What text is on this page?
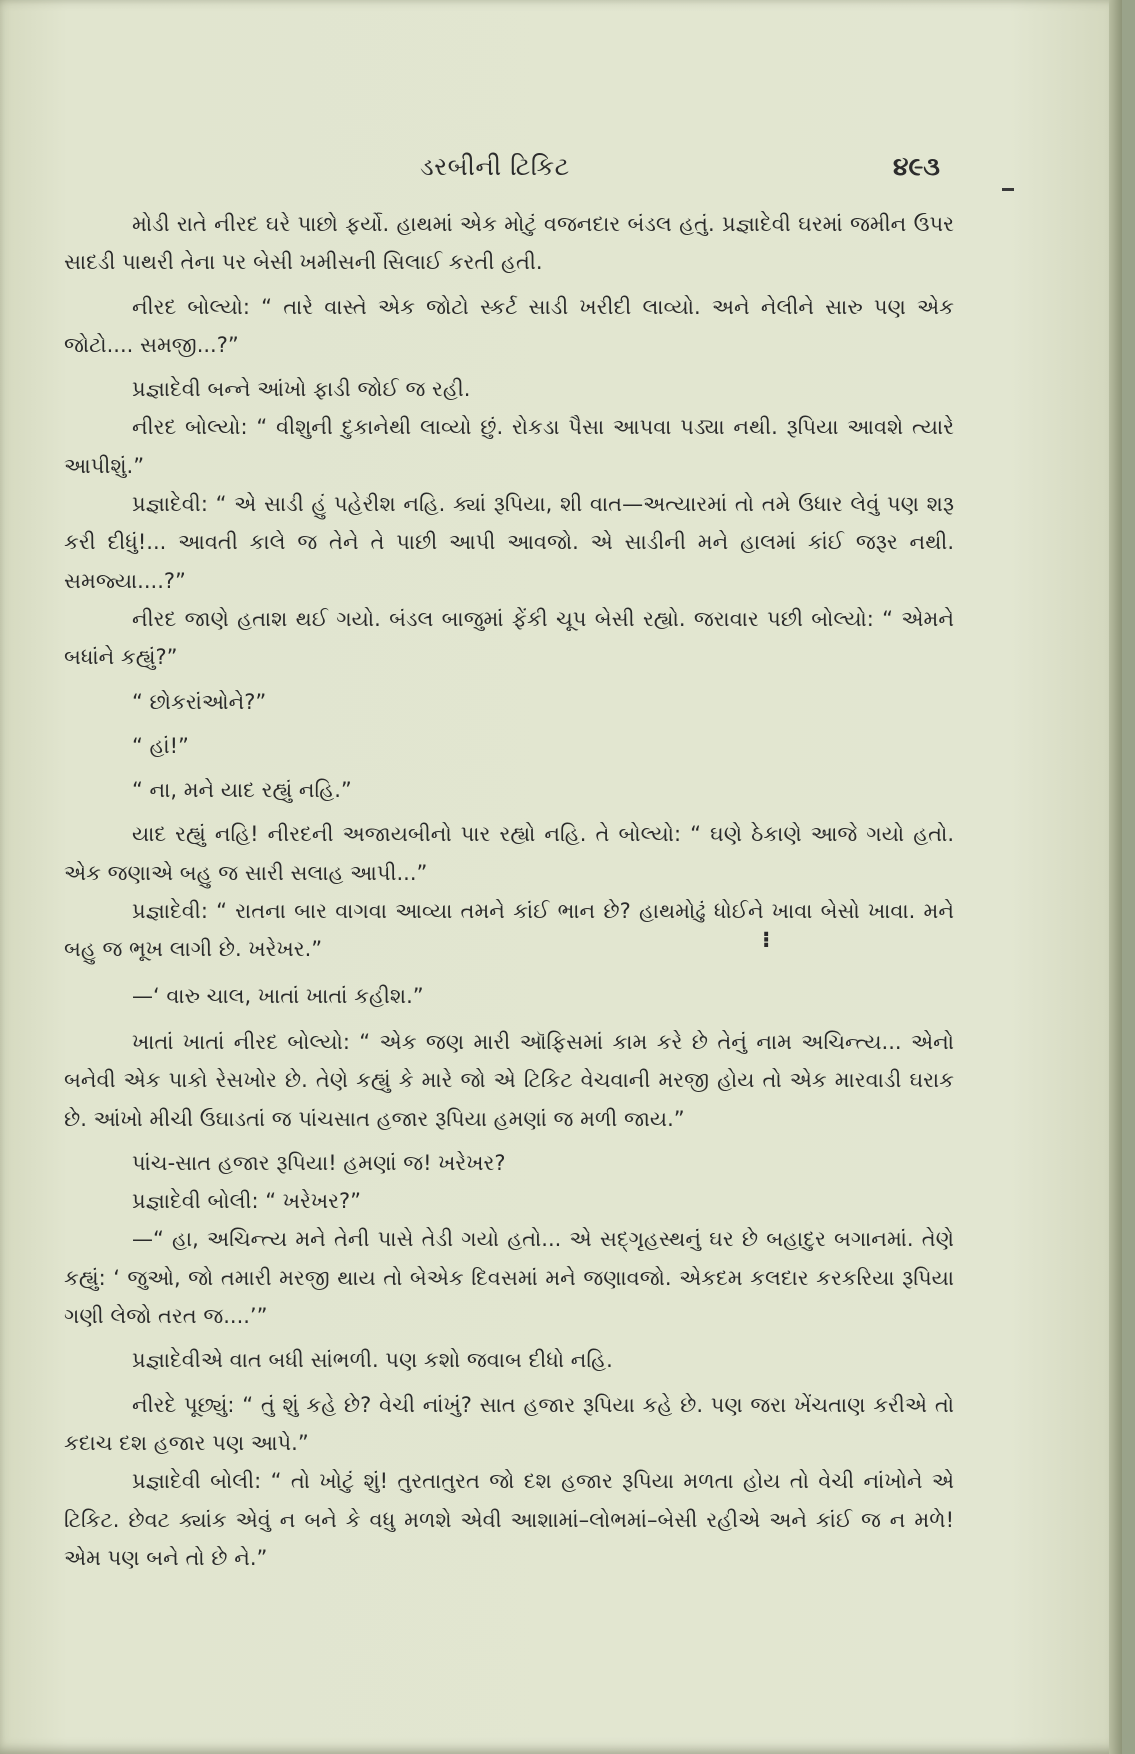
ડરબીની ટિકિટ	૪૯૩

મોડી રાતે નીરદ ઘરે પાછો ફર્યો. હાથમાં એક મોટું વજનદાર બંડલ હતું. પ્રજ્ઞાદેવી ઘરમાં જમીન ઉપર સાદડી પાથરી તેના પર બેસી ખમીસની સિલાઈ કરતી હતી.

નીરદ બોલ્યો: “ તારે વાસ્તે એક જોટો સ્કર્ટ સાડી ખરીદી લાવ્યો. અને નેલીને સારુ પણ એક જોટો.... સમજી...?”

પ્રજ્ઞાદેવી બન્ને આંખો ફાડી જોઈ જ રહી.

નીરદ બોલ્યો: “ વીશુની દુકાનેથી લાવ્યો છું. રોકડા પૈસા આપવા પડ્યા નથી. રૂપિયા આવશે ત્યારે આપીશું.”

પ્રજ્ઞાદેવી: “ એ સાડી હું પહેરીશ નહિ. ક્યાં રૂપિયા, શી વાત—અત્યારમાં તો તમે ઉધાર લેવું પણ શરૂ કરી દીધું!... આવતી કાલે જ તેને તે પાછી આપી આવજો. એ સાડીની મને હાલમાં કાંઈ જરૂર નથી. સમજ્યા....?”

નીરદ જાણે હતાશ થઈ ગયો. બંડલ બાજુમાં ફેંકી ચૂપ બેસી રહ્યો. જરાવાર પછી બોલ્યો: “ એમને બધાંને કહ્યું?”

“ છોકરાંઓને?”

“ હાં!”

“ ના, મને યાદ રહ્યું નહિ.”

યાદ રહ્યું નહિ! નીરદની અજાયબીનો પાર રહ્યો નહિ. તે બોલ્યો: “ ઘણે ઠેકાણે આજે ગયો હતો. એક જણાએ બહુ જ સારી સલાહ આપી...”

પ્રજ્ઞાદેવી: “ રાતના બાર વાગવા આવ્યા તમને કાંઈ ભાન છે? હાથમોઢું ધોઈને ખાવા બેસો ખાવા. મને બહુ જ ભૂખ લાગી છે. ખરેખર.”

—‘ વારુ ચાલ, ખાતાં ખાતાં કહીશ.”

ખાતાં ખાતાં નીરદ બોલ્યો: “ એક જણ મારી ઑફિસમાં કામ કરે છે તેનું નામ અચિન્ત્ય... એનો બનેવી એક પાકો રેસખોર છે. તેણે કહ્યું કે મારે જો એ ટિકિટ વેચવાની મરજી હોય તો એક મારવાડી ઘરાક છે. આંખો મીચી ઉઘાડતાં જ પાંચસાત હજાર રૂપિયા હમણાં જ મળી જાય.”

પાંચ-સાત હજાર રૂપિયા! હમણાં જ! ખરેખર?

પ્રજ્ઞાદેવી બોલી: “ ખરેખર?”

—“ હા, અચિન્ત્ય મને તેની પાસે તેડી ગયો હતો... એ સદ્‌ગૃહસ્થનું ઘર છે બહાદુર બગાનમાં. તેણે કહ્યું: ‘ જુઓ, જો તમારી મરજી થાય તો બેએક દિવસમાં મને જણાવજો. એકદમ કલદાર કરકરિયા રૂપિયા ગણી લેજો તરત જ....’”

પ્રજ્ઞાદેવીએ વાત બધી સાંભળી. પણ કશો જવાબ દીધો નહિ.

નીરદે પૂછ્યું: “ તું શું કહે છે? વેચી નાંખું? સાત હજાર રૂપિયા કહે છે. પણ જરા ખેંચતાણ કરીએ તો કદાચ દશ હજાર પણ આપે.”

પ્રજ્ઞાદેવી બોલી: “ તો ખોટું શું! તુરતાતુરત જો દશ હજાર રૂપિયા મળતા હોય તો વેચી નાંખોને એ ટિકિટ. છેવટ ક્યાંક એવું ન બને કે વધુ મળશે એવી આશામાં–લોભમાં–બેસી રહીએ અને કાંઈ જ ન મળે! એમ પણ બને તો છે ને.”

⁝
